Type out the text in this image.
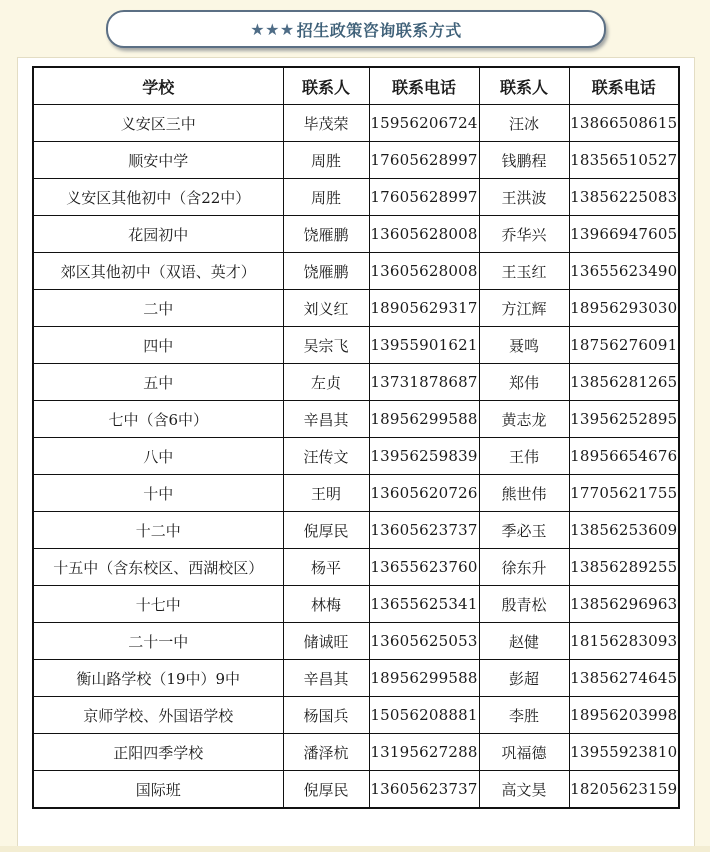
★★★ 招生政策咨询联系方式
学校	联系人	联系电话	联系人	联系电话
义安区三中	毕茂荣	15956206724	汪冰	13866508615
顺安中学	周胜	17605628997	钱鹏程	18356510527
义安区其他初中（含22中）	周胜	17605628997	王洪波	13856225083
花园初中	饶雁鹏	13605628008	乔华兴	13966947605
郊区其他初中（双语、英才）	饶雁鹏	13605628008	王玉红	13655623490
二中	刘义红	18905629317	方江辉	18956293030
四中	吴宗飞	13955901621	聂鸣	18756276091
五中	左贞	13731878687	郑伟	13856281265
七中（含6中）	辛昌其	18956299588	黄志龙	13956252895
八中	汪传文	13956259839	王伟	18956654676
十中	王明	13605620726	熊世伟	17705621755
十二中	倪厚民	13605623737	季必玉	13856253609
十五中（含东校区、西湖校区）	杨平	13655623760	徐东升	13856289255
十七中	林梅	13655625341	殷青松	13856296963
二十一中	储诚旺	13605625053	赵健	18156283093
衡山路学校（19中）9中	辛昌其	18956299588	彭超	13856274645
京师学校、外国语学校	杨国兵	15056208881	李胜	18956203998
正阳四季学校	潘泽杭	13195627288	巩福德	13955923810
国际班	倪厚民	13605623737	高文昊	18205623159
